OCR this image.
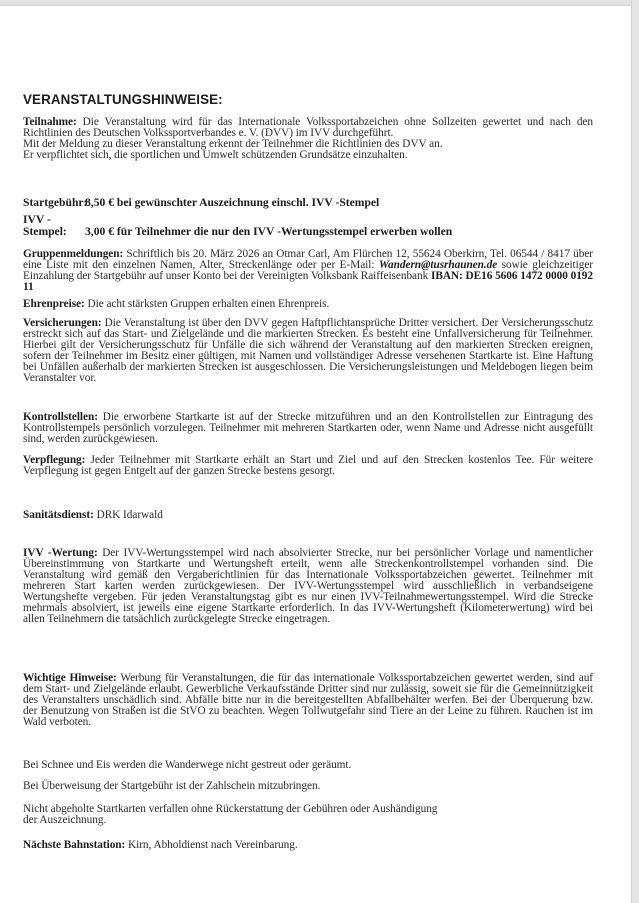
VERANSTALTUNGSHINWEISE:

Teilnahme: Die Veranstaltung wird für das Internationale Volkssportabzeichen ohne Sollzeiten gewertet und nach den Richtlinien des Deutschen Volkssportverbandes e. V. (DVV) im IVV durchgeführt.

Mit der Meldung zu dieser Veranstaltung erkennt der Teilnehmer die Richtlinien des DVV an.

Er verpflichtet sich, die sportlichen und Umwelt schützenden Grundsätze einzuhalten.

Startgebühr:8,50 € bei gewünschter Auszeichnung einschl. IVV -Stempel
IVV -Stempel: 3,00 € für Teilnehmer die nur den IVV -Wertungsstempel erwerben wollen

Gruppenmeldungen: Schriftlich bis 20. März 2026 an Otmar Carl, Am Flürchen 12, 55624 Oberkirn, Tel. 06544 / 8417 über eine Liste mit den einzelnen Namen, Alter, Streckenlänge oder per E-Mail: Wandern@tusrhaunen.de sowie gleichzeitiger Einzahlung der Startgebühr auf unser Konto bei der Vereinigten Volksbank Raiffeisenbank IBAN: DE16 5606 1472 0000 0192 11

Ehrenpreise: Die acht stärksten Gruppen erhalten einen Ehrenpreis.

Versicherungen: Die Veranstaltung ist über den DVV gegen Haftpflichtansprüche Dritter versichert. Der Versicherungsschutz erstreckt sich auf das Start- und Zielgelände und die markierten Strecken. Es besteht eine Unfallversicherung für Teilnehmer. Hierbei gilt der Versicherungsschutz für Unfälle die sich während der Veranstaltung auf den markierten Strecken ereignen, sofern der Teilnehmer im Besitz einer gültigen, mit Namen und vollständiger Adresse versehenen Startkarte ist. Eine Haftung bei Unfällen außerhalb der markierten Strecken ist ausgeschlossen. Die Versicherungsleistungen und Meldebogen liegen beim Veranstalter vor.

Kontrollstellen: Die erworbene Startkarte ist auf der Strecke mitzuführen und an den Kontrollstellen zur Eintragung des Kontrollstempels persönlich vorzulegen. Teilnehmer mit mehreren Startkarten oder, wenn Name und Adresse nicht ausgefüllt sind, werden zurückgewiesen.

Verpflegung: Jeder Teilnehmer mit Startkarte erhält an Start und Ziel und auf den Strecken kostenlos Tee. Für weitere Verpflegung ist gegen Entgelt auf der ganzen Strecke bestens gesorgt.

Sanitätsdienst: DRK Idarwald

IVV -Wertung: Der IVV-Wertungsstempel wird nach absolvierter Strecke, nur bei persönlicher Vorlage und namentlicher Übereinstimmung von Startkarte und Wertungsheft erteilt, wenn alle Streckenkontrollstempel vorhanden sind. Die Veranstaltung wird gemäß den Vergaberichtlinien für das Internationale Volkssportabzeichen gewertet. Teilnehmer mit mehreren Start karten werden zurückgewiesen. Der IVV-Wertungsstempel wird ausschließlich in verbandseigene Wertungshefte vergeben. Für jeden Veranstaltungstag gibt es nur einen IVV-Teilnahmewertungsstempel. Wird die Strecke mehrmals absolviert, ist jeweils eine eigene Startkarte erforderlich. In das IVV-Wertungsheft (Kilometerwertung) wird bei allen Teilnehmern die tatsächlich zurückgelegte Strecke eingetragen.

Wichtige Hinweise: Werbung für Veranstaltungen, die für das internationale Volkssportabzeichen gewertet werden, sind auf dem Start- und Zielgelände erlaubt. Gewerbliche Verkaufsstände Dritter sind nur zulässig, soweit sie für die Gemeinnützigkeit des Veranstalters unschädlich sind. Abfälle bitte nur in die bereitgestellten Abfallbehälter werfen. Bei der Überquerung bzw. der Benutzung von Straßen ist die StVO zu beachten. Wegen Tollwutgefahr sind Tiere an der Leine zu führen. Rauchen ist im Wald verboten.

Bei Schnee und Eis werden die Wanderwege nicht gestreut oder geräumt.

Bei Überweisung der Startgebühr ist der Zahlschein mitzubringen.

Nicht abgeholte Startkarten verfallen ohne Rückerstattung der Gebühren oder Aushändigung

der Auszeichnung.

Nächste Bahnstation: Kirn, Abholdienst nach Vereinbarung.
